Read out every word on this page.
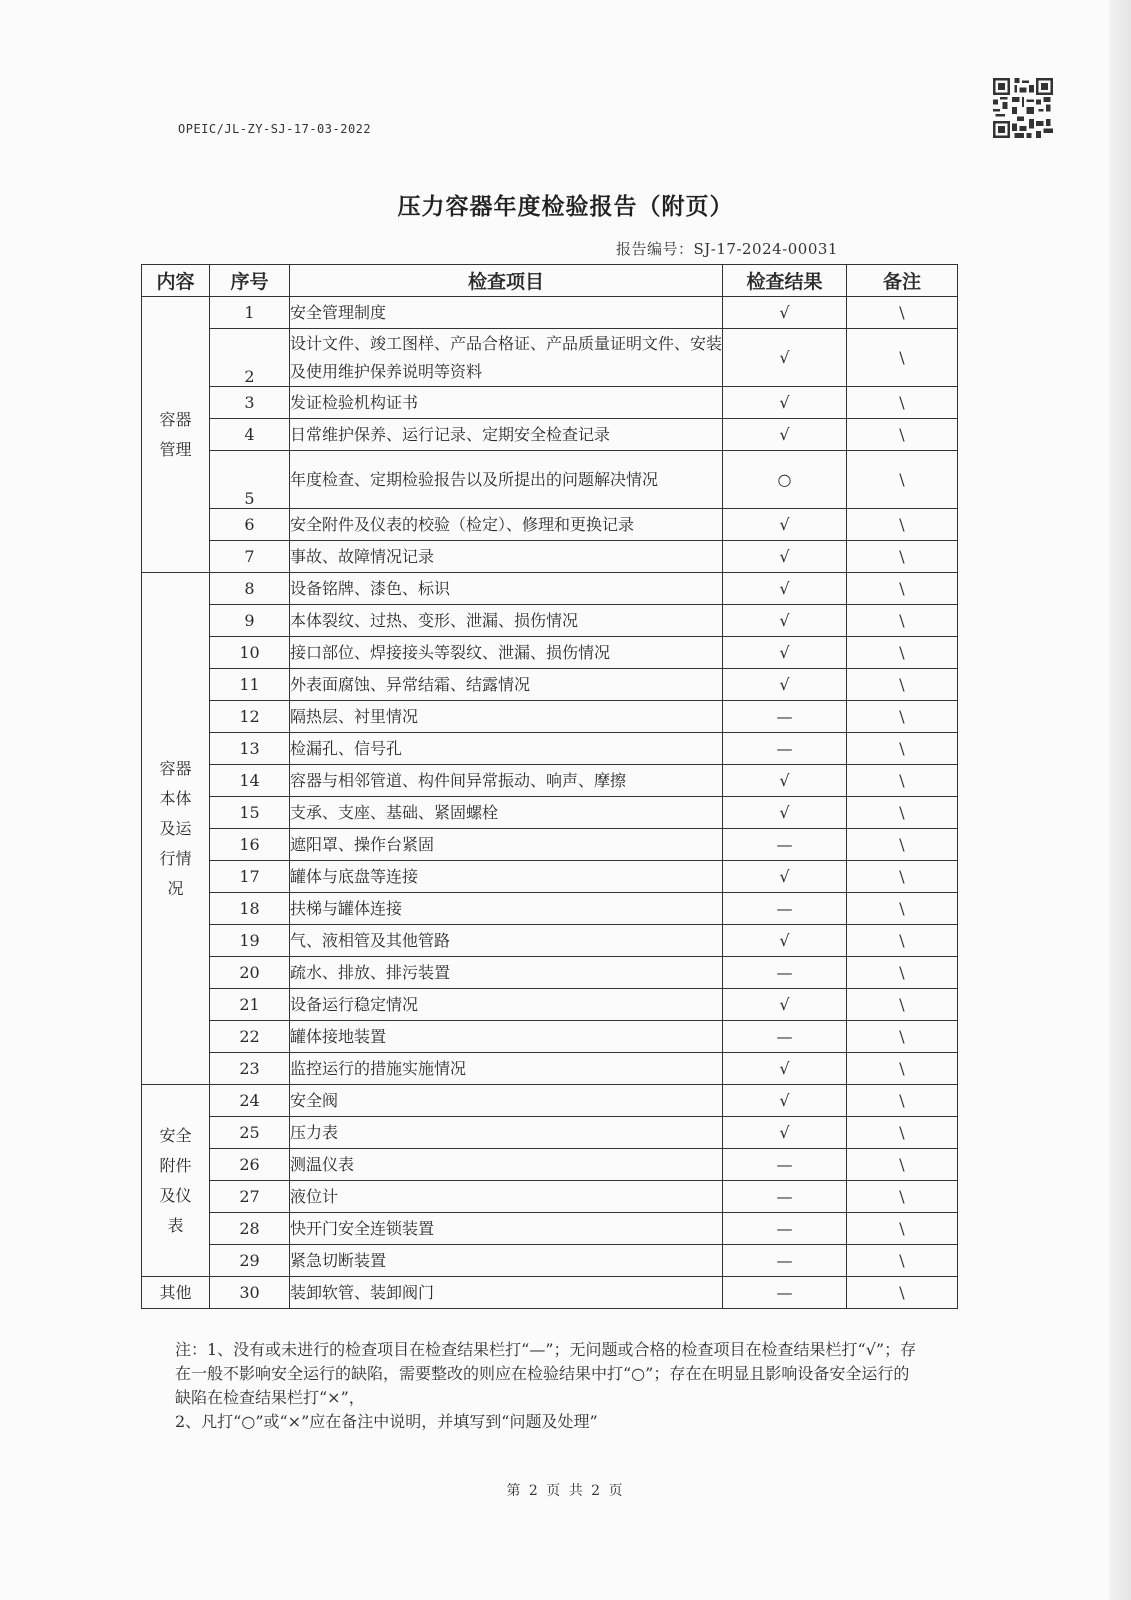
OPEIC/JL-ZY-SJ-17-03-2022
压力容器年度检验报告（附页）
报告编号：SJ-17-2024-00031
内容	序号	检查项目	检查结果	备注
容器管理	1	安全管理制度	√	\
	2	设计文件、竣工图样、产品合格证、产品质量证明文件、安装及使用维护保养说明等资料	√	\
	3	发证检验机构证书	√	\
	4	日常维护保养、运行记录、定期安全检查记录	√	\
	5	年度检查、定期检验报告以及所提出的问题解决情况	○	\
	6	安全附件及仪表的校验（检定）、修理和更换记录	√	\
	7	事故、故障情况记录	√	\
容器本体及运行情况	8	设备铭牌、漆色、标识	√	\
	9	本体裂纹、过热、变形、泄漏、损伤情况	√	\
	10	接口部位、焊接接头等裂纹、泄漏、损伤情况	√	\
	11	外表面腐蚀、异常结霜、结露情况	√	\
	12	隔热层、衬里情况	—	\
	13	检漏孔、信号孔	—	\
	14	容器与相邻管道、构件间异常振动、响声、摩擦	√	\
	15	支承、支座、基础、紧固螺栓	√	\
	16	遮阳罩、操作台紧固	—	\
	17	罐体与底盘等连接	√	\
	18	扶梯与罐体连接	—	\
	19	气、液相管及其他管路	√	\
	20	疏水、排放、排污装置	—	\
	21	设备运行稳定情况	√	\
	22	罐体接地装置	—	\
	23	监控运行的措施实施情况	√	\
安全附件及仪表	24	安全阀	√	\
	25	压力表	√	\
	26	测温仪表	—	\
	27	液位计	—	\
	28	快开门安全连锁装置	—	\
	29	紧急切断装置	—	\
其他	30	装卸软管、装卸阀门	—	\

注：1、没有或未进行的检查项目在检查结果栏打“—”；无问题或合格的检查项目在检查结果栏打“√”；存在一般不影响安全运行的缺陷，需要整改的则应在检验结果中打“○”；存在在明显且影响设备安全运行的缺陷在检查结果栏打“×”，

2、凡打“○”或“×”应在备注中说明，并填写到“问题及处理”

第 2 页 共 2 页
